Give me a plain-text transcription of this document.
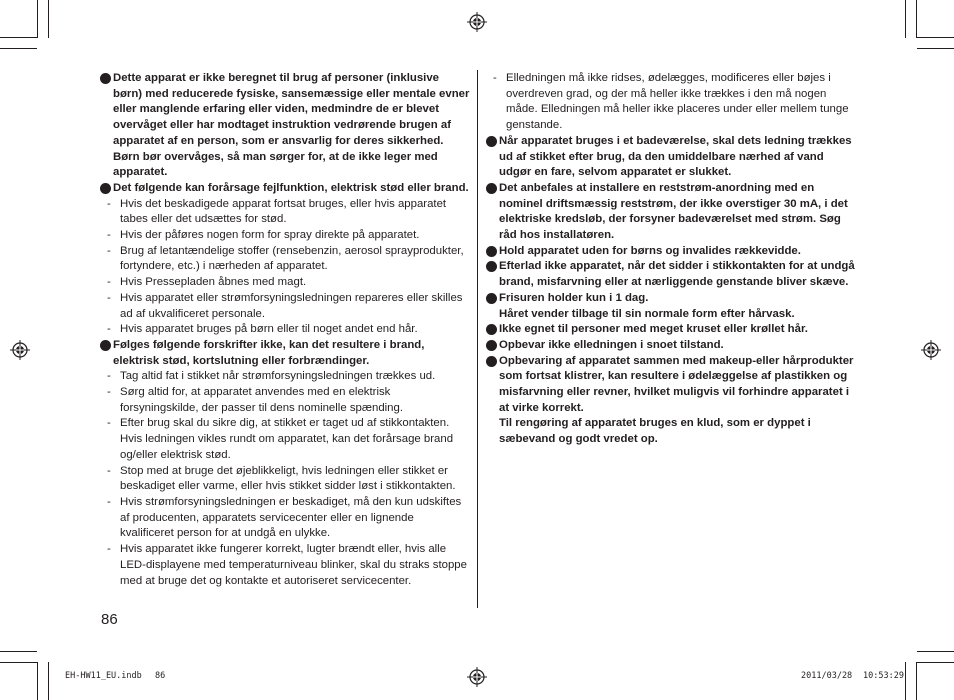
Dette apparat er ikke beregnet til brug af personer (inklusive børn) med reducerede fysiske, sansemæssige eller mentale evner eller manglende erfaring eller viden, medmindre de er blevet overvåget eller har modtaget instruktion vedrørende brugen af apparatet af en person, som er ansvarlig for deres sikkerhed. Børn bør overvåges, så man sørger for, at de ikke leger med apparatet.
Det følgende kan forårsage fejlfunktion, elektrisk stød eller brand.
- Hvis det beskadigede apparat fortsat bruges, eller hvis apparatet tabes eller det udsættes for stød.
- Hvis der påføres nogen form for spray direkte på apparatet.
- Brug af letantændelige stoffer (rensebenzin, aerosol sprayprodukter, fortyndere, etc.) i nærheden af apparatet.
- Hvis Pressepladen åbnes med magt.
- Hvis apparatet eller strømforsyningsledningen repareres eller skilles ad af ukvalificeret personale.
- Hvis apparatet bruges på børn eller til noget andet end hår.
Følges følgende forskrifter ikke, kan det resultere i brand, elektrisk stød, kortslutning eller forbrændinger.
- Tag altid fat i stikket når strømforsyningsledningen trækkes ud.
- Sørg altid for, at apparatet anvendes med en elektrisk forsyningskilde, der passer til dens nominelle spænding.
- Efter brug skal du sikre dig, at stikket er taget ud af stikkontakten. Hvis ledningen vikles rundt om apparatet, kan det forårsage brand og/eller elektrisk stød.
- Stop med at bruge det øjeblikkeligt, hvis ledningen eller stikket er beskadiget eller varme, eller hvis stikket sidder løst i stikkontakten.
- Hvis strømforsyningsledningen er beskadiget, må den kun udskiftes af producenten, apparatets servicecenter eller en lignende kvalificeret person for at undgå en ulykke.
- Hvis apparatet ikke fungerer korrekt, lugter brændt eller, hvis alle LED-displayene med temperaturniveau blinker, skal du straks stoppe med at bruge det og kontakte et autoriseret servicecenter.
- Elledningen må ikke ridses, ødelægges, modificeres eller bøjes i overdreven grad, og der må heller ikke trækkes i den må nogen måde. Elledningen må heller ikke placeres under eller mellem tunge genstande.
Når apparatet bruges i et badeværelse, skal dets ledning trækkes ud af stikket efter brug, da den umiddelbare nærhed af vand udgør en fare, selvom apparatet er slukket.
Det anbefales at installere en reststrøm-anordning med en nominel driftsmæssig reststrøm, der ikke overstiger 30 mA, i det elektriske kredsløb, der forsyner badeværelset med strøm. Søg råd hos installatøren.
Hold apparatet uden for børns og invalides rækkevidde.
Efterlad ikke apparatet, når det sidder i stikkontakten for at undgå brand, misfarvning eller at nærliggende genstande bliver skæve.
Frisuren holder kun i 1 dag.
Håret vender tilbage til sin normale form efter hårvask.
Ikke egnet til personer med meget kruset eller krøllet hår.
Opbevar ikke elledningen i snoet tilstand.
Opbevaring af apparatet sammen med makeup-eller hårprodukter som fortsat klistrer, kan resultere i ødelæggelse af plastikken og misfarvning eller revner, hvilket muligvis vil forhindre apparatet i at virke korrekt.
Til rengøring af apparatet bruges en klud, som er dyppet i sæbevand og godt vredet op.
86
EH-HW11_EU.indb 86	2011/03/28 10:53:29
